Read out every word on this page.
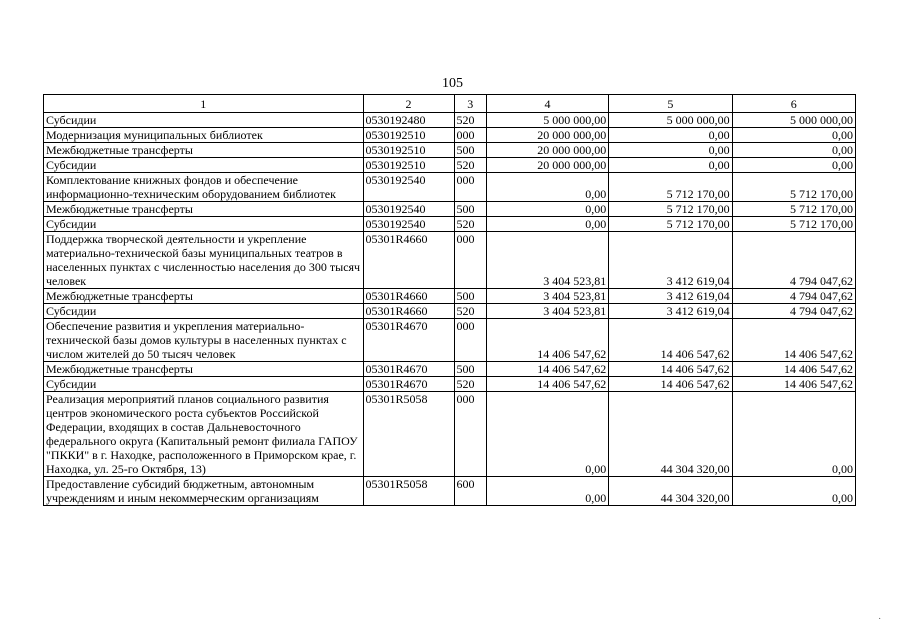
105
1	2	3	4	5	6
Субсидии	0530192480	520	5 000 000,00	5 000 000,00	5 000 000,00
Модернизация муниципальных библиотек	0530192510	000	20 000 000,00	0,00	0,00
Межбюджетные трансферты	0530192510	500	20 000 000,00	0,00	0,00
Субсидии	0530192510	520	20 000 000,00	0,00	0,00
Комплектование книжных фондов и обеспечение информационно-техническим оборудованием библиотек	0530192540	000	0,00	5 712 170,00	5 712 170,00
Межбюджетные трансферты	0530192540	500	0,00	5 712 170,00	5 712 170,00
Субсидии	0530192540	520	0,00	5 712 170,00	5 712 170,00
Поддержка творческой деятельности и укрепление материально-технической базы муниципальных театров в населенных пунктах с численностью населения до 300 тысяч человек	05301R4660	000	3 404 523,81	3 412 619,04	4 794 047,62
Межбюджетные трансферты	05301R4660	500	3 404 523,81	3 412 619,04	4 794 047,62
Субсидии	05301R4660	520	3 404 523,81	3 412 619,04	4 794 047,62
Обеспечение развития и укрепления материально-технической базы домов культуры в населенных пунктах с числом жителей до 50 тысяч человек	05301R4670	000	14 406 547,62	14 406 547,62	14 406 547,62
Межбюджетные трансферты	05301R4670	500	14 406 547,62	14 406 547,62	14 406 547,62
Субсидии	05301R4670	520	14 406 547,62	14 406 547,62	14 406 547,62
Реализация мероприятий планов социального развития центров экономического роста субъектов Российской Федерации, входящих в состав Дальневосточного федерального округа (Капитальный ремонт филиала ГАПОУ "ПККИ" в г. Находке, расположенного в Приморском крае, г. Находка, ул. 25-го Октября, 13)	05301R5058	000	0,00	44 304 320,00	0,00
Предоставление субсидий бюджетным, автономным учреждениям и иным некоммерческим организациям	05301R5058	600	0,00	44 304 320,00	0,00
˙
